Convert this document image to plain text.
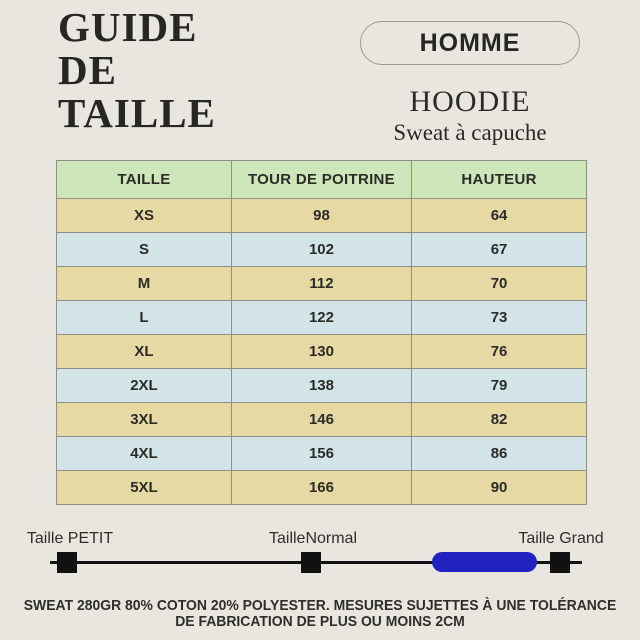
GUIDE
DE
TAILLE
HOMME
HOODIE
Sweat à capuche
TAILLE	TOUR DE POITRINE	HAUTEUR
XS	98	64
S	102	67
M	112	70
L	122	73
XL	130	76
2XL	138	79
3XL	146	82
4XL	156	86
5XL	166	90
Taille PETIT	TailleNormal	Taille Grand
SWEAT 280GR 80% COTON 20% POLYESTER. MESURES SUJETTES À UNE TOLÉRANCE
DE FABRICATION DE PLUS OU MOINS 2CM
